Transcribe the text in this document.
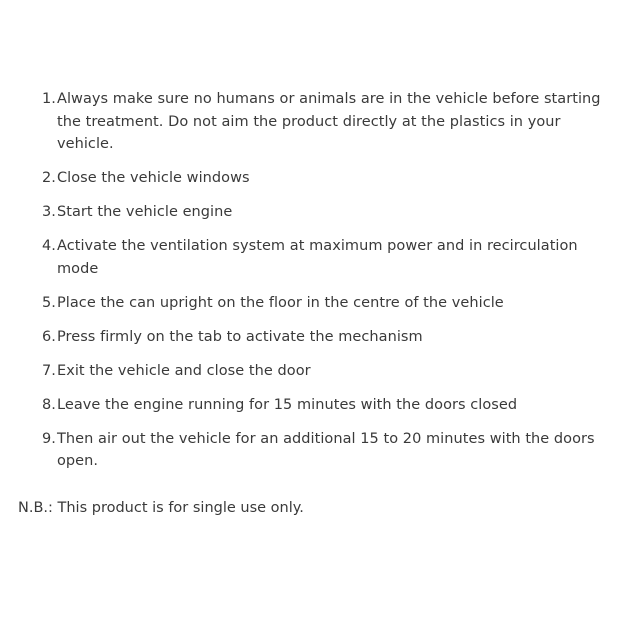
1. Always make sure no humans or animals are in the vehicle before starting the treatment. Do not aim the product directly at the plastics in your vehicle.
2. Close the vehicle windows
3. Start the vehicle engine
4. Activate the ventilation system at maximum power and in recirculation mode
5. Place the can upright on the floor in the centre of the vehicle
6. Press firmly on the tab to activate the mechanism
7. Exit the vehicle and close the door
8. Leave the engine running for 15 minutes with the doors closed
9. Then air out the vehicle for an additional 15 to 20 minutes with the doors open.

N.B.: This product is for single use only.
